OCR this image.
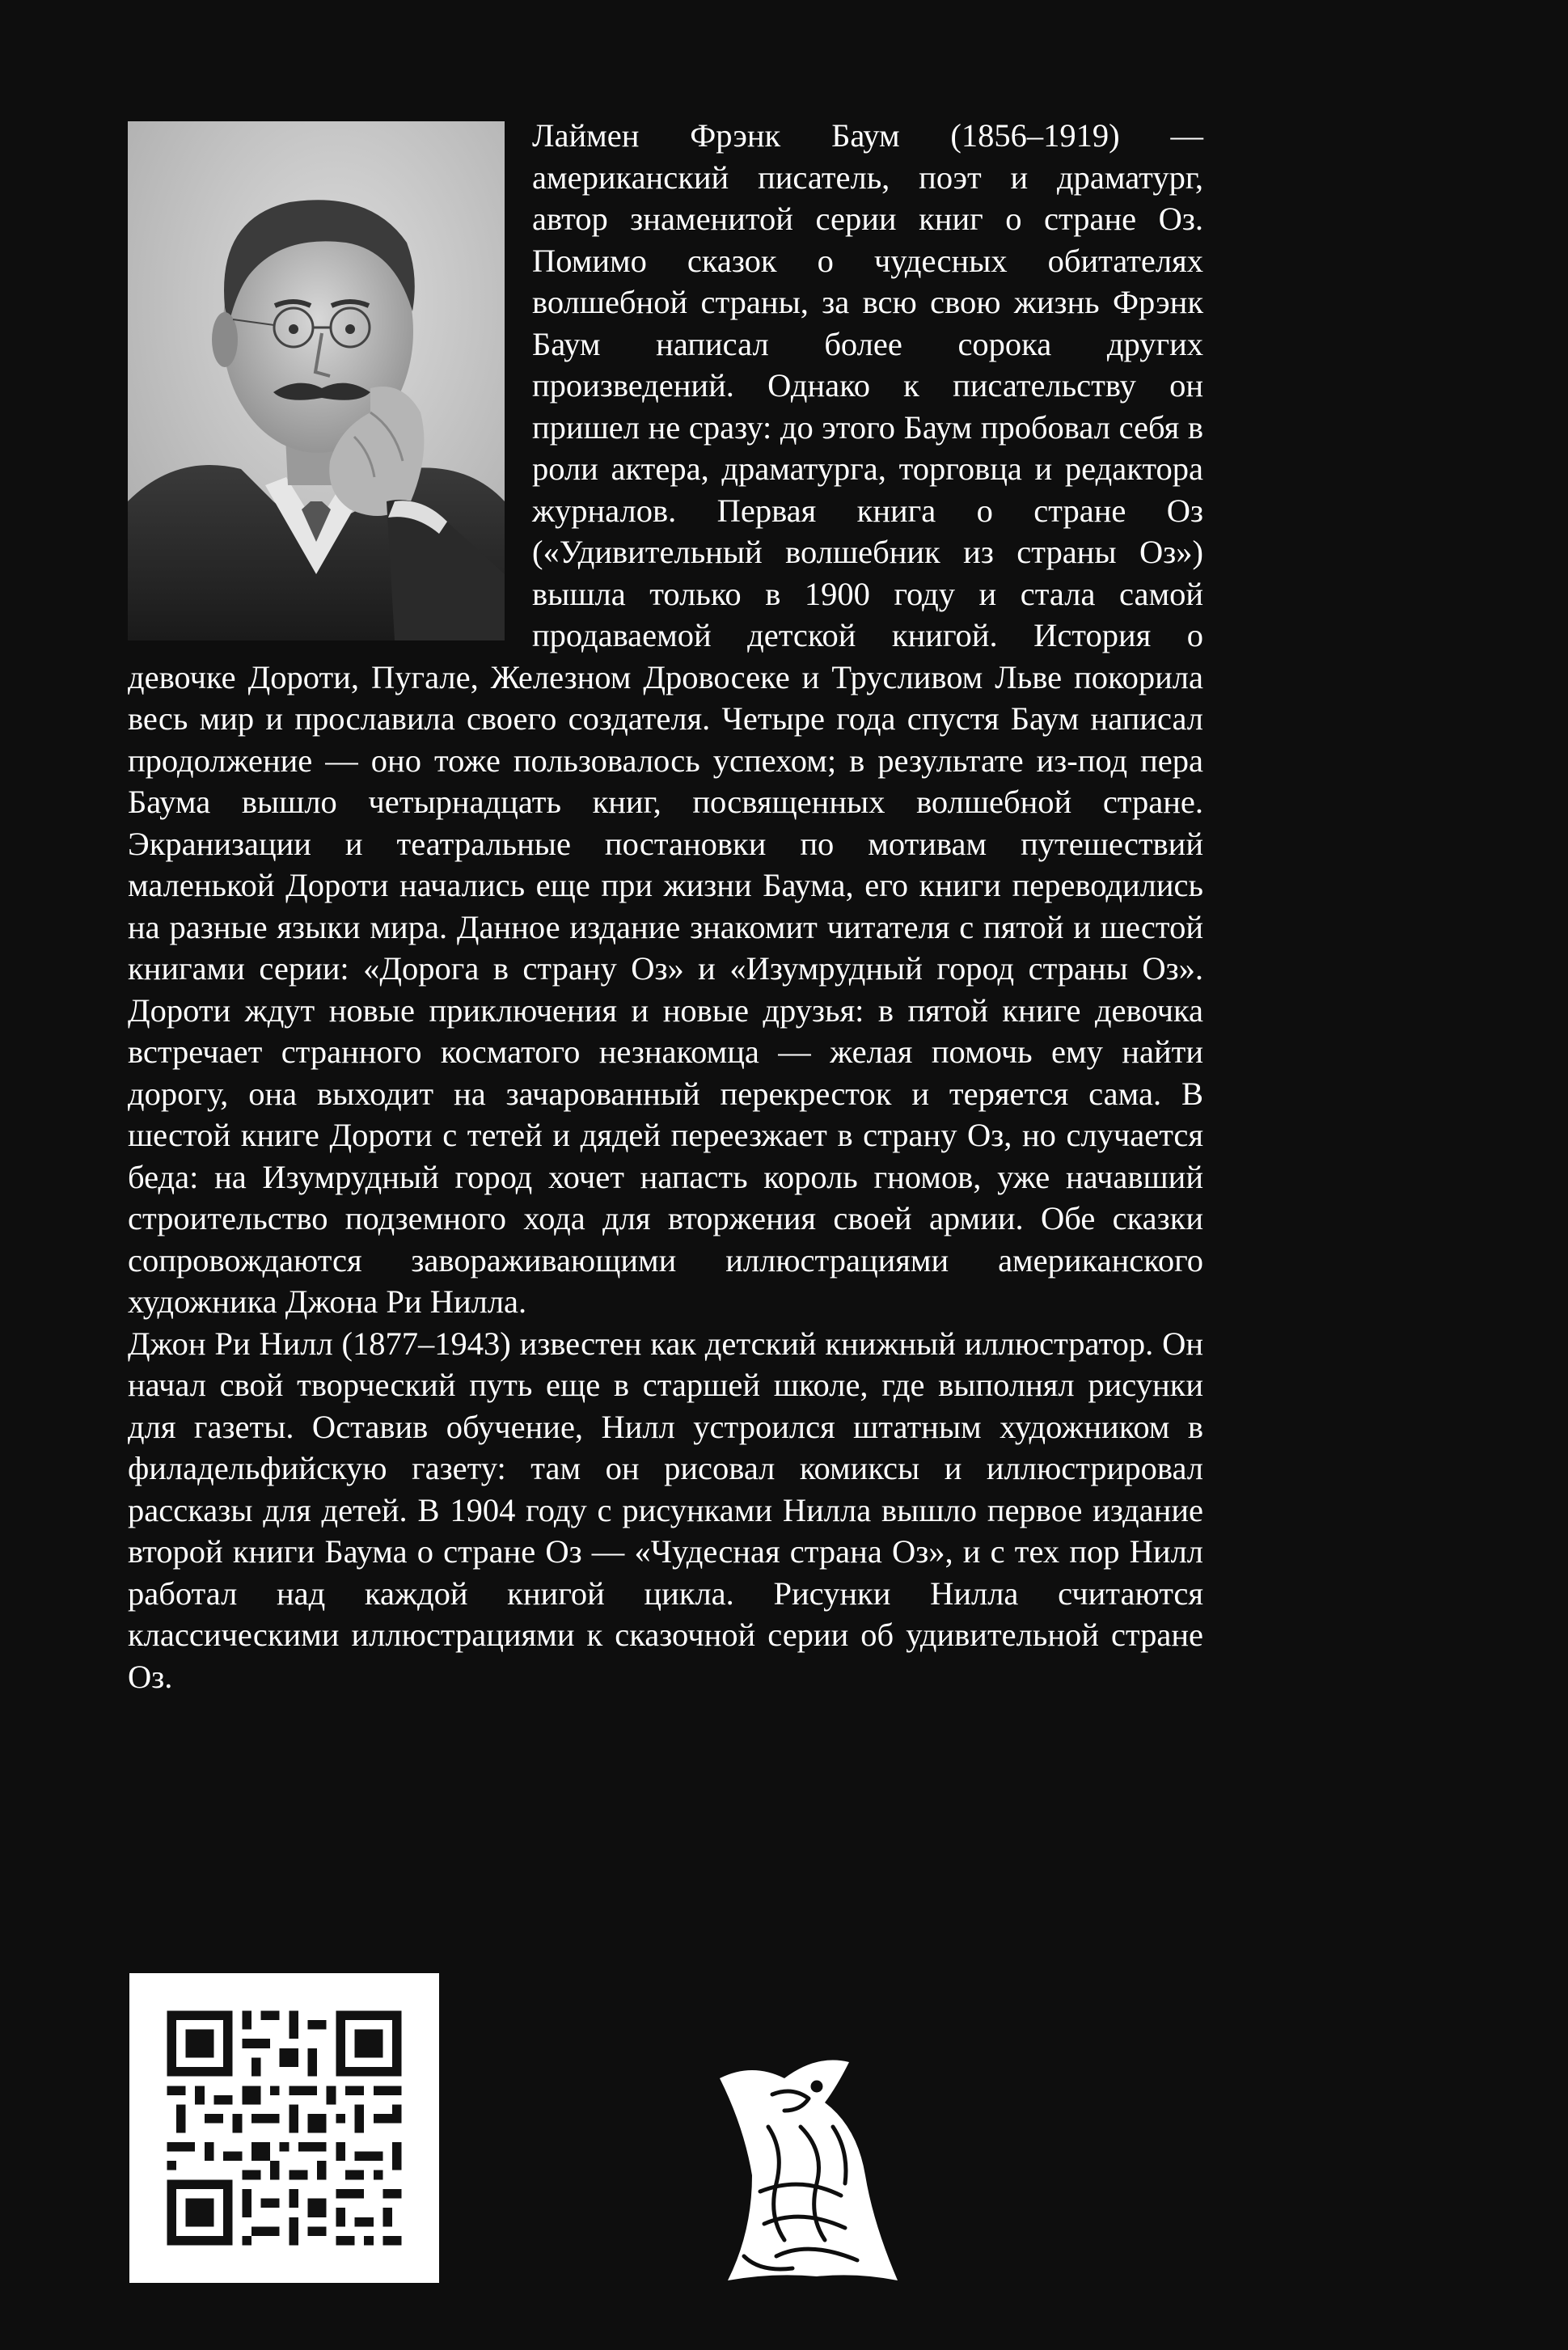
Лаймен Фрэнк Баум (1856–1919) — американский писатель, поэт и драматург, автор знаменитой серии книг о стране Оз. Помимо сказок о чудесных обитателях волшебной страны, за всю свою жизнь Фрэнк Баум написал более сорока других произведений. Однако к писательству он пришел не сразу: до этого Баум пробовал себя в роли актера, драматурга, торговца и редактора журналов. Первая книга о стране Оз («Удивительный волшебник из страны Оз») вышла только в 1900 году и стала самой продаваемой детской книгой. История о девочке Дороти, Пугале, Железном Дровосеке и Трусливом Льве покорила весь мир и прославила своего создателя. Четыре года спустя Баум написал продолжение — оно тоже пользовалось успехом; в результате из-под пера Баума вышло четырнадцать книг, посвященных волшебной стране. Экранизации и театральные постановки по мотивам путешествий маленькой Дороти начались еще при жизни Баума, его книги переводились на разные языки мира. Данное издание знакомит читателя с пятой и шестой книгами серии: «Дорога в страну Оз» и «Изумрудный город страны Оз». Дороти ждут новые приключения и новые друзья: в пятой книге девочка встречает странного косматого незнакомца — желая помочь ему найти дорогу, она выходит на зачарованный перекресток и теряется сама. В шестой книге Дороти с тетей и дядей переезжает в страну Оз, но случается беда: на Изумрудный город хочет напасть король гномов, уже начавший строительство подземного хода для вторжения своей армии. Обе сказки сопровождаются завораживающими иллюстрациями американского художника Джона Ри Нилла.

Джон Ри Нилл (1877–1943) известен как детский книжный иллюстратор. Он начал свой творческий путь еще в старшей школе, где выполнял рисунки для газеты. Оставив обучение, Нилл устроился штатным художником в филадельфийскую газету: там он рисовал комиксы и иллюстрировал рассказы для детей. В 1904 году с рисунками Нилла вышло первое издание второй книги Баума о стране Оз — «Чудесная страна Оз», и с тех пор Нилл работал над каждой книгой цикла. Рисунки Нилла считаются классическими иллюстрациями к сказочной серии об удивительной стране Оз.
